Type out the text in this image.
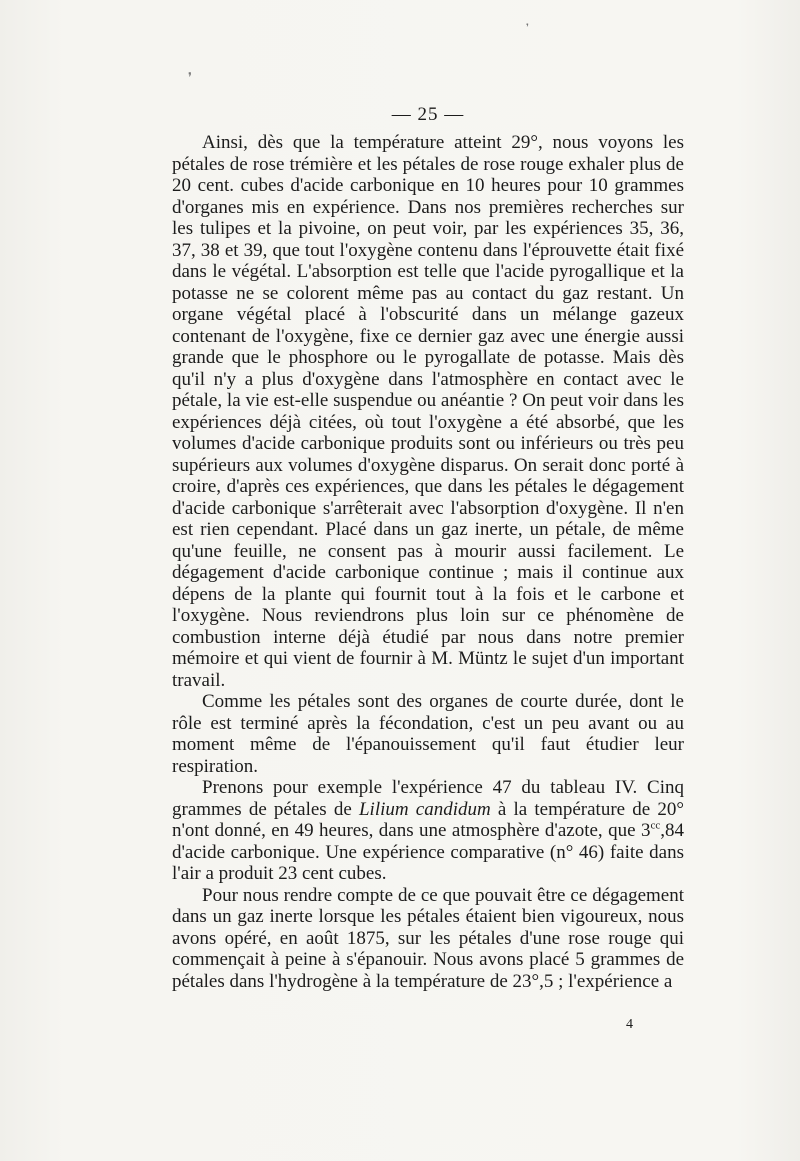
❜
❜
— 25 —

Ainsi, dès que la température atteint 29°, nous voyons les pétales de rose trémière et les pétales de rose rouge exhaler plus de 20 cent. cubes d'acide carbonique en 10 heures pour 10 grammes d'organes mis en expérience. Dans nos premières recherches sur les tulipes et la pivoine, on peut voir, par les expériences 35, 36, 37, 38 et 39, que tout l'oxygène contenu dans l'éprouvette était fixé dans le végétal. L'absorption est telle que l'acide pyrogallique et la potasse ne se colorent même pas au contact du gaz restant. Un organe végétal placé à l'obscurité dans un mélange gazeux contenant de l'oxygène, fixe ce dernier gaz avec une énergie aussi grande que le phosphore ou le pyrogallate de potasse. Mais dès qu'il n'y a plus d'oxygène dans l'atmosphère en contact avec le pétale, la vie est-elle suspendue ou anéantie ? On peut voir dans les expériences déjà citées, où tout l'oxygène a été absorbé, que les volumes d'acide carbonique produits sont ou inférieurs ou très peu supérieurs aux volumes d'oxygène disparus. On serait donc porté à croire, d'après ces expériences, que dans les pétales le dégagement d'acide carbonique s'arrêterait avec l'absorption d'oxygène. Il n'en est rien cependant. Placé dans un gaz inerte, un pétale, de même qu'une feuille, ne consent pas à mourir aussi facilement. Le dégagement d'acide carbonique continue ; mais il continue aux dépens de la plante qui fournit tout à la fois et le carbone et l'oxygène. Nous reviendrons plus loin sur ce phénomène de combustion interne déjà étudié par nous dans notre premier mémoire et qui vient de fournir à M. Müntz le sujet d'un important travail.

Comme les pétales sont des organes de courte durée, dont le rôle est terminé après la fécondation, c'est un peu avant ou au moment même de l'épanouissement qu'il faut étudier leur respiration.

Prenons pour exemple l'expérience 47 du tableau IV. Cinq grammes de pétales de Lilium candidum à la température de 20° n'ont donné, en 49 heures, dans une atmosphère d'azote, que $3^{cc},84$ d'acide carbonique. Une expérience comparative (n° 46) faite dans l'air a produit 23 cent cubes.

Pour nous rendre compte de ce que pouvait être ce dégagement dans un gaz inerte lorsque les pétales étaient bien vigoureux, nous avons opéré, en août 1875, sur les pétales d'une rose rouge qui commençait à peine à s'épanouir. Nous avons placé 5 grammes de pétales dans l'hydrogène à la température de 23°,5 ; l'expérience a

4
